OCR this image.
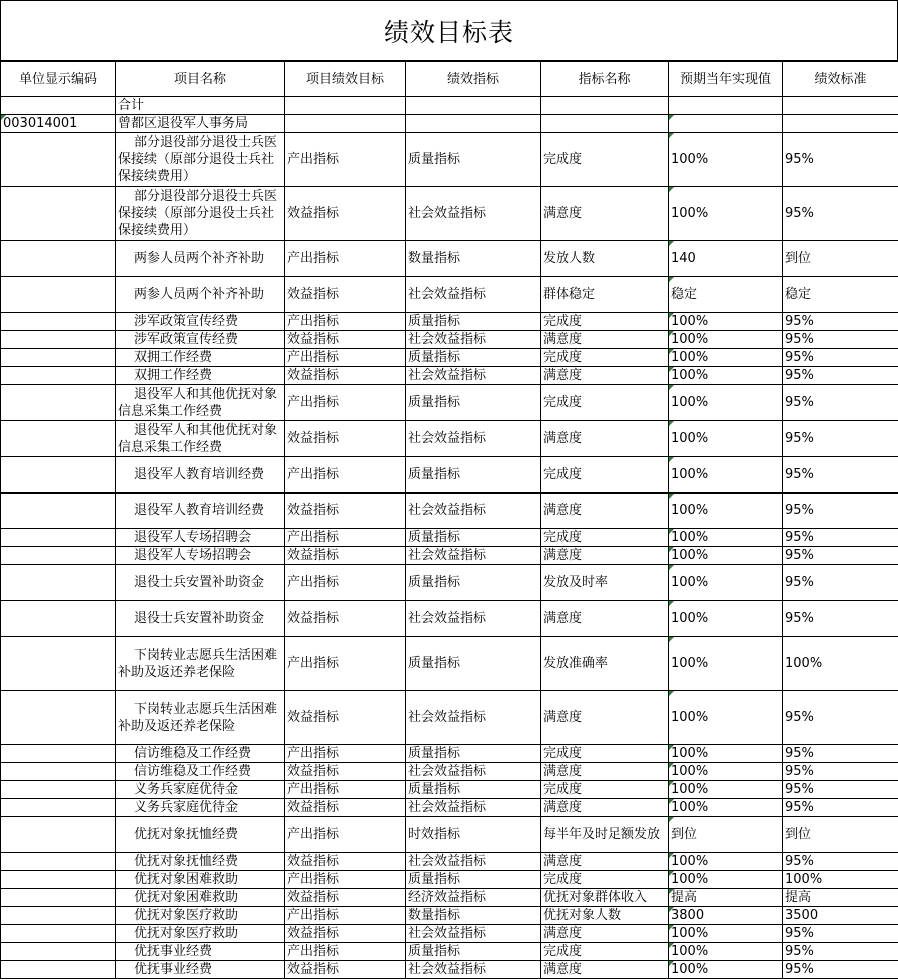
绩效目标表
单位显示编码	项目名称	项目绩效目标	绩效指标	指标名称	预期当年实现值	绩效标准
	合计					

003014001	曾都区退役军人事务局				

	部分退役部分退役士兵医保接续（原部分退役士兵社保接续费用）	产出指标	质量指标	完成度	100%	95%
	部分退役部分退役士兵医保接续（原部分退役士兵社保接续费用）	效益指标	社会效益指标	满意度	100%	95%
	两参人员两个补齐补助	产出指标	数量指标	发放人数	140	到位
	两参人员两个补齐补助	效益指标	社会效益指标	群体稳定	稳定	稳定
	涉军政策宣传经费	产出指标	质量指标	完成度	100%	95%
	涉军政策宣传经费	效益指标	社会效益指标	满意度	100%	95%
	双拥工作经费	产出指标	质量指标	完成度	100%	95%
	双拥工作经费	效益指标	社会效益指标	满意度	100%	95%
	退役军人和其他优抚对象信息采集工作经费	产出指标	质量指标	完成度	100%	95%
	退役军人和其他优抚对象信息采集工作经费	效益指标	社会效益指标	满意度	100%	95%
	退役军人教育培训经费	产出指标	质量指标	完成度	100%	95%
	退役军人教育培训经费	效益指标	社会效益指标	满意度	100%	95%
	退役军人专场招聘会	产出指标	质量指标	完成度	100%	95%
	退役军人专场招聘会	效益指标	社会效益指标	满意度	100%	95%
	退役士兵安置补助资金	产出指标	质量指标	发放及时率	100%	95%
	退役士兵安置补助资金	效益指标	社会效益指标	满意度	100%	95%
	下岗转业志愿兵生活困难补助及返还养老保险	产出指标	质量指标	发放准确率	100%	100%
	下岗转业志愿兵生活困难补助及返还养老保险	效益指标	社会效益指标	满意度	100%	95%
	信访维稳及工作经费	产出指标	质量指标	完成度	100%	95%
	信访维稳及工作经费	效益指标	社会效益指标	满意度	100%	95%
	义务兵家庭优待金	产出指标	质量指标	完成度	100%	95%
	义务兵家庭优待金	效益指标	社会效益指标	满意度	100%	95%
	优抚对象抚恤经费	产出指标	时效指标	每半年及时足额发放	到位	到位
	优抚对象抚恤经费	效益指标	社会效益指标	满意度	100%	95%
	优抚对象困难救助	产出指标	质量指标	完成度	100%	100%
	优抚对象困难救助	效益指标	经济效益指标	优抚对象群体收入	提高	提高
	优抚对象医疗救助	产出指标	数量指标	优抚对象人数	3800	3500
	优抚对象医疗救助	效益指标	社会效益指标	满意度	100%	95%
	优抚事业经费	产出指标	质量指标	完成度	100%	95%
	优抚事业经费	效益指标	社会效益指标	满意度	100%	95%
